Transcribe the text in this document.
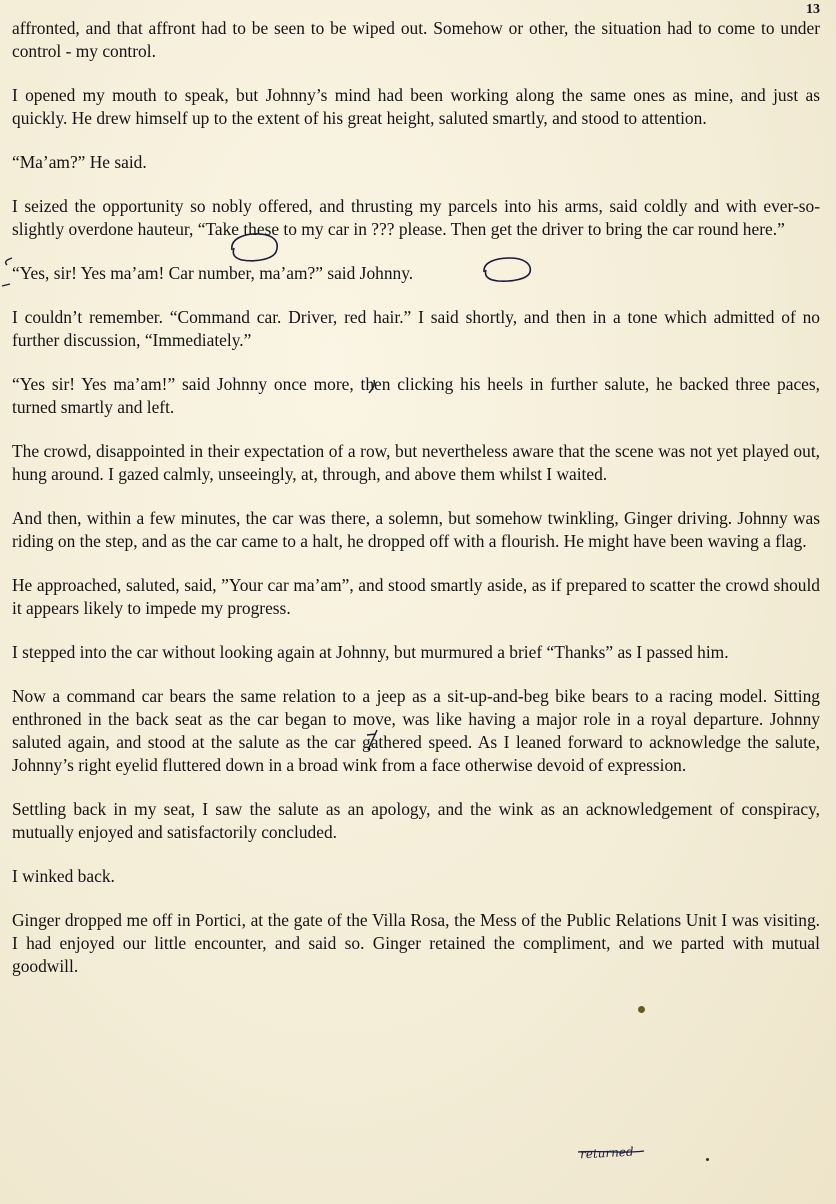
13

affronted, and that affront had to be seen to be wiped out. Somehow or other, the situation had to come to under control - my control.

I opened my mouth to speak, but Johnny’s mind had been working along the same ones as mine, and just as quickly. He drew himself up to the extent of his great height, saluted smartly, and stood to attention.

“Ma’am?” He said.

I seized the opportunity so nobly offered, and thrusting my parcels into his arms, said coldly and with ever-so-slightly overdone hauteur, “Take these to my car in ??? please. Then get the driver to bring the car round here.”

“Yes, sir! Yes ma’am! Car number, ma’am?” said Johnny.

I couldn’t remember. “Command car. Driver, red hair.” I said shortly, and then in a tone which admitted of no further discussion, “Immediately.”

“Yes sir! Yes ma’am!” said Johnny once more, then clicking his heels in further salute, he backed three paces, turned smartly and left.

The crowd, disappointed in their expectation of a row, but nevertheless aware that the scene was not yet played out, hung around. I gazed calmly, unseeingly, at, through, and above them whilst I waited.

And then, within a few minutes, the car was there, a solemn, but somehow twinkling, Ginger driving. Johnny was riding on the step, and as the car came to a halt, he dropped off with a flourish. He might have been waving a flag.

He approached, saluted, said, ”Your car ma’am”, and stood smartly aside, as if prepared to scatter the crowd should it appears likely to impede my progress.

I stepped into the car without looking again at Johnny, but murmured a brief “Thanks” as I passed him.

Now a command car bears the same relation to a jeep as a sit-up-and-beg bike bears to a racing model. Sitting enthroned in the back seat as the car began to move, was like having a major role in a royal departure. Johnny saluted again, and stood at the salute as the car gathered speed. As I leaned forward to acknowledge the salute, Johnny’s right eyelid fluttered down in a broad wink from a face otherwise devoid of expression.

Settling back in my seat, I saw the salute as an apology, and the wink as an acknowledgement of conspiracy, mutually enjoyed and satisfactorily concluded.

I winked back.

Ginger dropped me off in Portici, at the gate of the Villa Rosa, the Mess of the Public Relations Unit I was visiting. I had enjoyed our little encounter, and said so. Ginger retained the compliment, and we parted with mutual goodwill.

returned
